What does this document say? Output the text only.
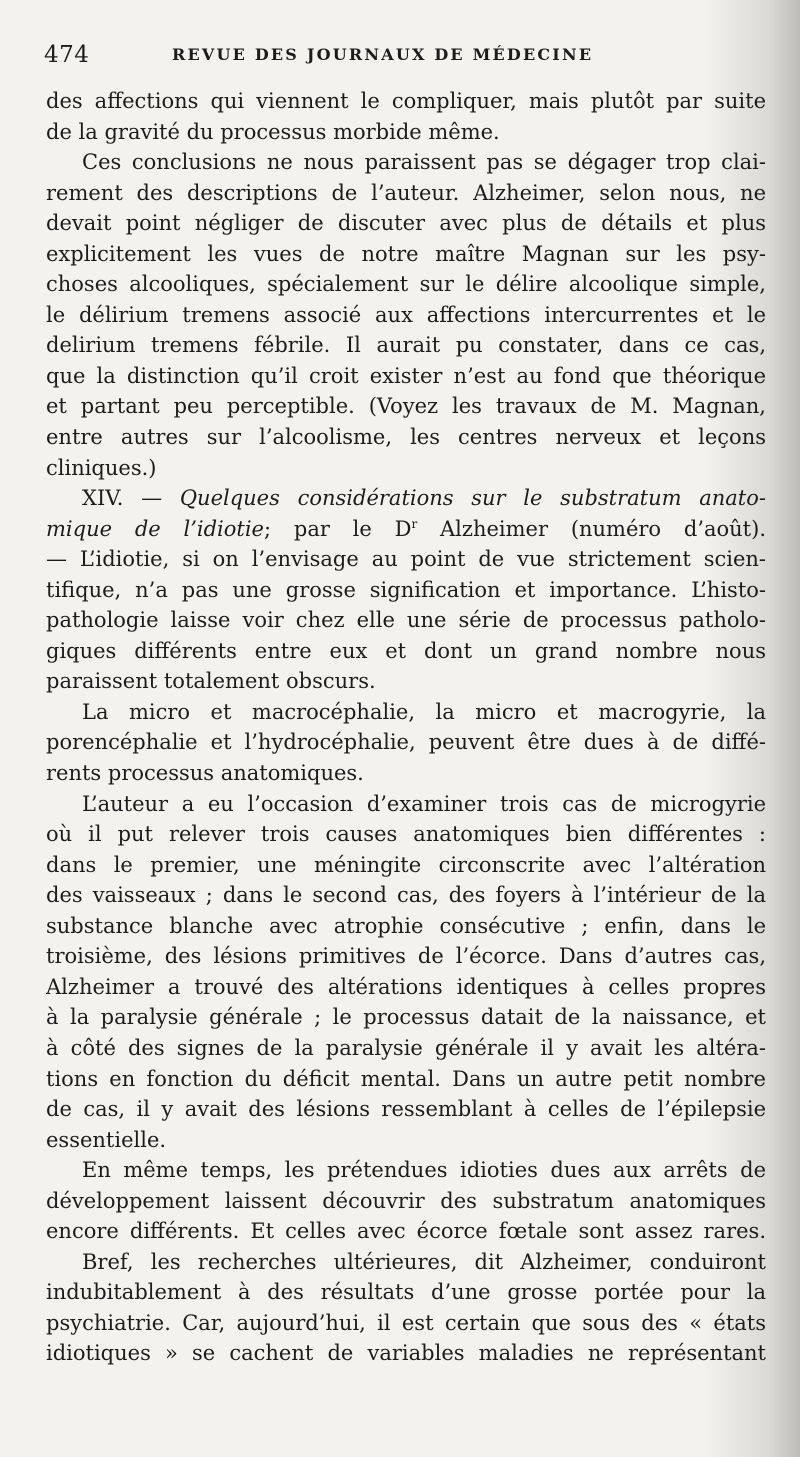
474	REVUE DES JOURNAUX DE MÉDECINE
des affections qui viennent le compliquer, mais plutôt par suite
de la gravité du processus morbide même.
Ces conclusions ne nous paraissent pas se dégager trop clai-
rement des descriptions de l’auteur. Alzheimer, selon nous, ne
devait point négliger de discuter avec plus de détails et plus
explicitement les vues de notre maître Magnan sur les psy-
choses alcooliques, spécialement sur le délire alcoolique simple,
le délirium tremens associé aux affections intercurrentes et le
delirium tremens fébrile. Il aurait pu constater, dans ce cas,
que la distinction qu’il croit exister n’est au fond que théorique
et partant peu perceptible. (Voyez les travaux de M. Magnan,
entre autres sur l’alcoolisme, les centres nerveux et leçons
cliniques.)
XIV. — Quelques considérations sur le substratum anato-
mique de l’idiotie; par le $D^r$ Alzheimer (numéro d’août).
— L’idiotie, si on l’envisage au point de vue strictement scien-
tifique, n’a pas une grosse signification et importance. L’histo-
pathologie laisse voir chez elle une série de processus patholo-
giques différents entre eux et dont un grand nombre nous
paraissent totalement obscurs.
La micro et macrocéphalie, la micro et macrogyrie, la
porencéphalie et l’hydrocéphalie, peuvent être dues à de diffé-
rents processus anatomiques.
L’auteur a eu l’occasion d’examiner trois cas de microgyrie
où il put relever trois causes anatomiques bien différentes :
dans le premier, une méningite circonscrite avec l’altération
des vaisseaux ; dans le second cas, des foyers à l’intérieur de la
substance blanche avec atrophie consécutive ; enfin, dans le
troisième, des lésions primitives de l’écorce. Dans d’autres cas,
Alzheimer a trouvé des altérations identiques à celles propres
à la paralysie générale ; le processus datait de la naissance, et
à côté des signes de la paralysie générale il y avait les altéra-
tions en fonction du déficit mental. Dans un autre petit nombre
de cas, il y avait des lésions ressemblant à celles de l’épilepsie
essentielle.
En même temps, les prétendues idioties dues aux arrêts de
développement laissent découvrir des substratum anatomiques
encore différents. Et celles avec écorce fœtale sont assez rares.
Bref, les recherches ultérieures, dit Alzheimer, conduiront
indubitablement à des résultats d’une grosse portée pour la
psychiatrie. Car, aujourd’hui, il est certain que sous des « états
idiotiques » se cachent de variables maladies ne représentant
